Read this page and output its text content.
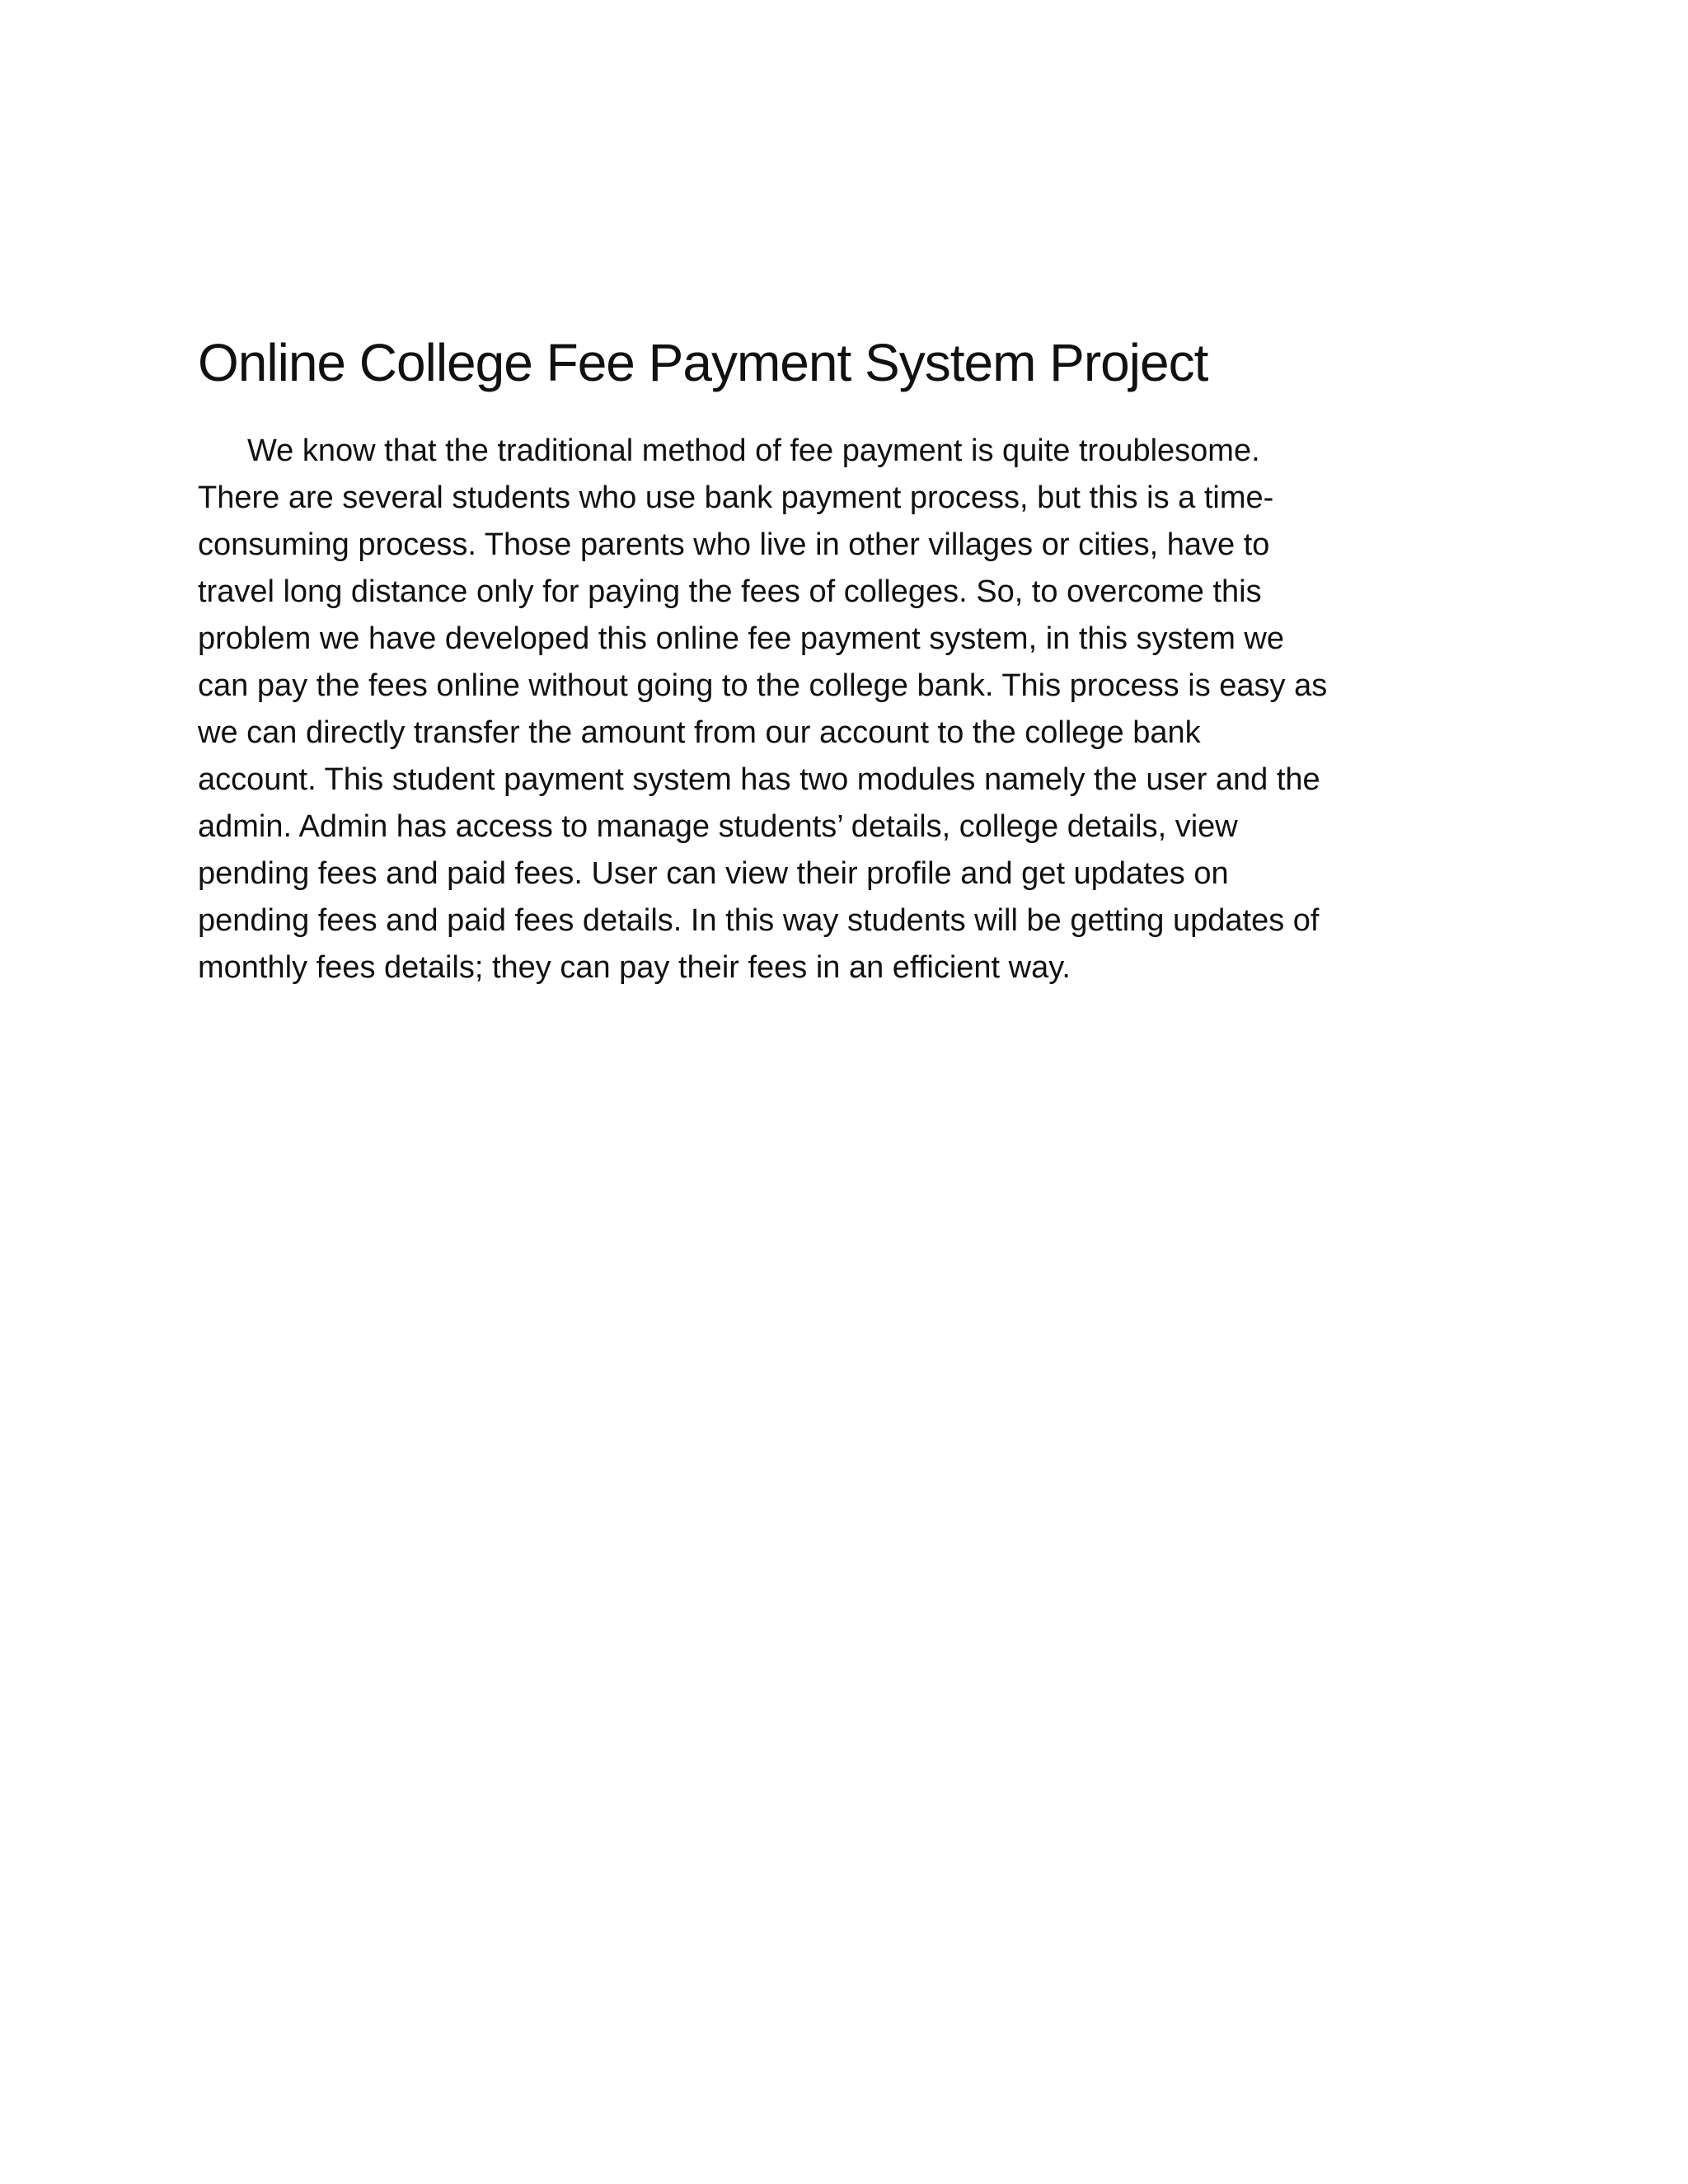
Online College Fee Payment System Project
We know that the traditional method of fee payment is quite troublesome.
There are several students who use bank payment process, but this is a time-
consuming process. Those parents who live in other villages or cities, have to
travel long distance only for paying the fees of colleges. So, to overcome this
problem we have developed this online fee payment system, in this system we
can pay the fees online without going to the college bank. This process is easy as
we can directly transfer the amount from our account to the college bank
account. This student payment system has two modules namely the user and the
admin. Admin has access to manage students’ details, college details, view
pending fees and paid fees. User can view their profile and get updates on
pending fees and paid fees details. In this way students will be getting updates of
monthly fees details; they can pay their fees in an efficient way.
